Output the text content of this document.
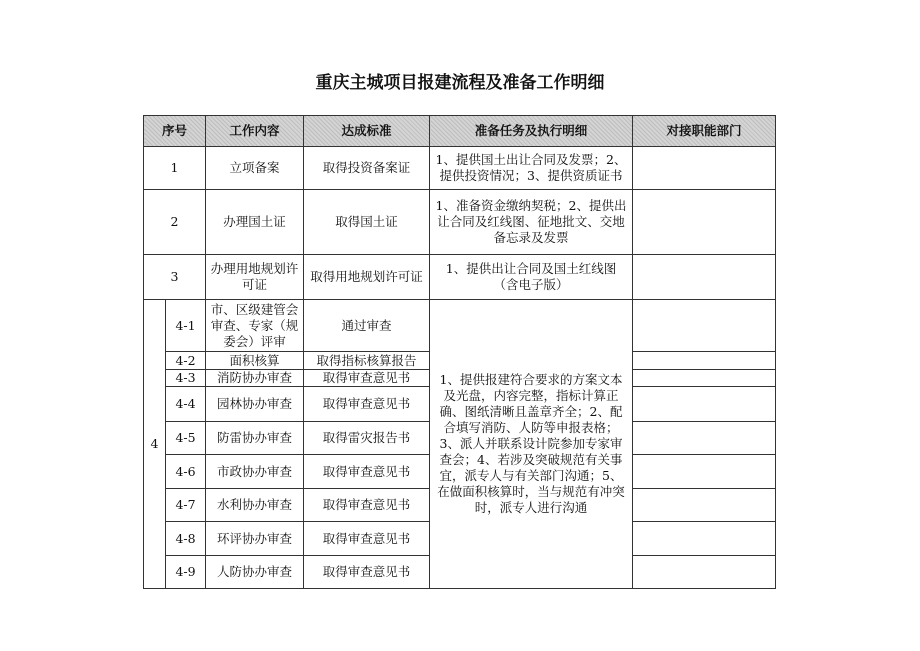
重庆主城项目报建流程及准备工作明细
序号		工作内容	达成标准	准备任务及执行明细	对接职能部门
1		立项备案	取得投资备案证	1、提供国土出让合同及发票；2、提供投资情况；3、提供资质证书	
2		办理国土证	取得国土证	1、准备资金缴纳契税；2、提供出让合同及红线图、征地批文、交地备忘录及发票	
3		办理用地规划许可证	取得用地规划许可证	1、提供出让合同及国土红线图（含电子版）	
4	4-1	市、区级建管会审查、专家（规委会）评审	通过审查	1、提供报建符合要求的方案文本及光盘，内容完整，指标计算正确、图纸清晰且盖章齐全；2、配合填写消防、人防等申报表格；3、派人并联系设计院参加专家审查会；4、若涉及突破规范有关事宜，派专人与有关部门沟通；5、在做面积核算时，当与规范有冲突时，派专人进行沟通	
	4-2	面积核算	取得指标核算报告		
	4-3	消防协办审查	取得审查意见书		
	4-4	园林协办审查	取得审查意见书		
	4-5	防雷协办审查	取得雷灾报告书		
	4-6	市政协办审查	取得审查意见书		
	4-7	水利协办审查	取得审查意见书		
	4-8	环评协办审查	取得审查意见书		
	4-9	人防协办审查	取得审查意见书		
